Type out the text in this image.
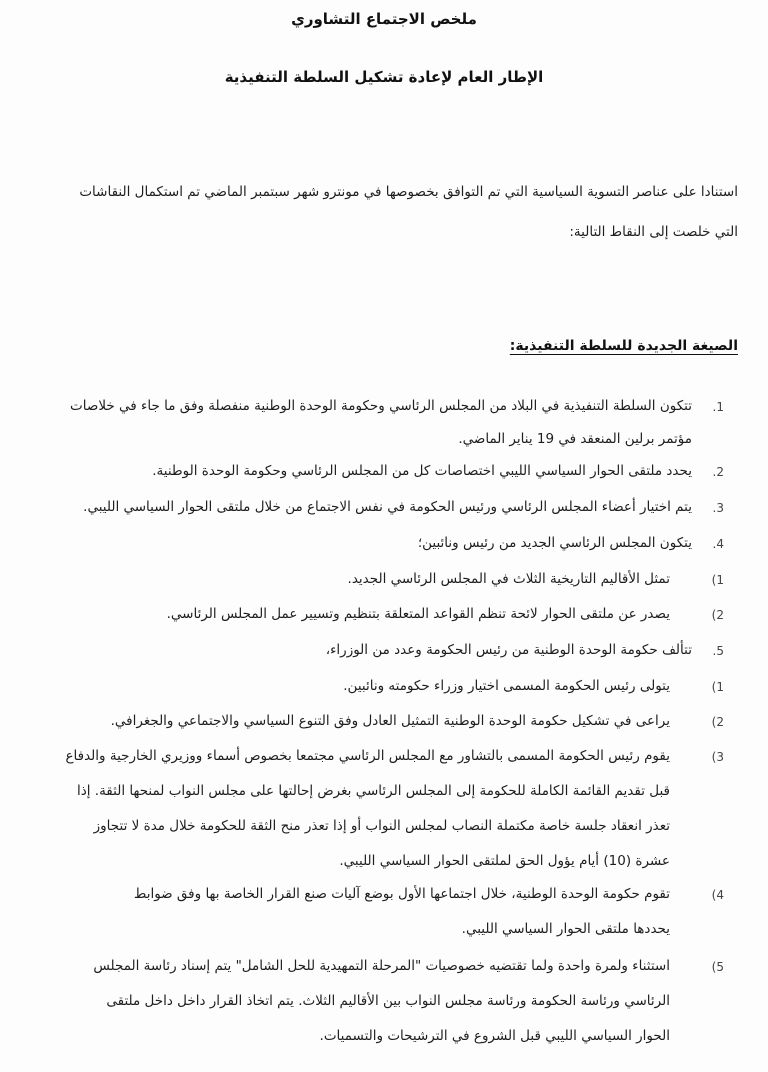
ملخص الاجتماع التشاوري
الإطار العام لإعادة تشكيل السلطة التنفيذية
استنادا على عناصر التسوية السياسية التي تم التوافق بخصوصها في مونترو شهر سبتمبر الماضي تم استكمال النقاشات
التي خلصت إلى النقاط التالية:
الصيغة الجديدة للسلطة التنفيذية:
.1
تتكون السلطة التنفيذية في البلاد من المجلس الرئاسي وحكومة الوحدة الوطنية منفصلة وفق ما جاء في خلاصات
مؤتمر برلين المنعقد في 19 يناير الماضي.
.2
يحدد ملتقى الحوار السياسي الليبي اختصاصات كل من المجلس الرئاسي وحكومة الوحدة الوطنية.
.3
يتم اختيار أعضاء المجلس الرئاسي ورئيس الحكومة في نفس الاجتماع من خلال ملتقى الحوار السياسي الليبي.
.4
يتكون المجلس الرئاسي الجديد من رئيس ونائبين؛
(1
تمثل الأقاليم التاريخية الثلاث في المجلس الرئاسي الجديد.
(2
يصدر عن ملتقى الحوار لائحة تنظم القواعد المتعلقة بتنظيم وتسيير عمل المجلس الرئاسي.
.5
تتألف حكومة الوحدة الوطنية من رئيس الحكومة وعدد من الوزراء،
(1
يتولى رئيس الحكومة المسمى اختيار وزراء حكومته ونائبين.
(2
يراعى في تشكيل حكومة الوحدة الوطنية التمثيل العادل وفق التنوع السياسي والاجتماعي والجغرافي.
(3
يقوم رئيس الحكومة المسمى بالتشاور مع المجلس الرئاسي مجتمعا بخصوص أسماء ووزيري الخارجية والدفاع
قبل تقديم القائمة الكاملة للحكومة إلى المجلس الرئاسي بغرض إحالتها على مجلس النواب لمنحها الثقة. إذا
تعذر انعقاد جلسة خاصة مكتملة النصاب لمجلس النواب أو إذا تعذر منح الثقة للحكومة خلال مدة لا تتجاوز
عشرة (10) أيام يؤول الحق لملتقى الحوار السياسي الليبي.
(4
تقوم حكومة الوحدة الوطنية، خلال اجتماعها الأول بوضع آليات صنع القرار الخاصة بها وفق ضوابط
يحددها ملتقى الحوار السياسي الليبي.
(5
استثناء ولمرة واحدة ولما تقتضيه خصوصيات "المرحلة التمهيدية للحل الشامل" يتم إسناد رئاسة المجلس
الرئاسي ورئاسة الحكومة ورئاسة مجلس النواب بين الأقاليم الثلاث. يتم اتخاذ القرار داخل داخل ملتقى
الحوار السياسي الليبي قبل الشروع في الترشيحات والتسميات.
